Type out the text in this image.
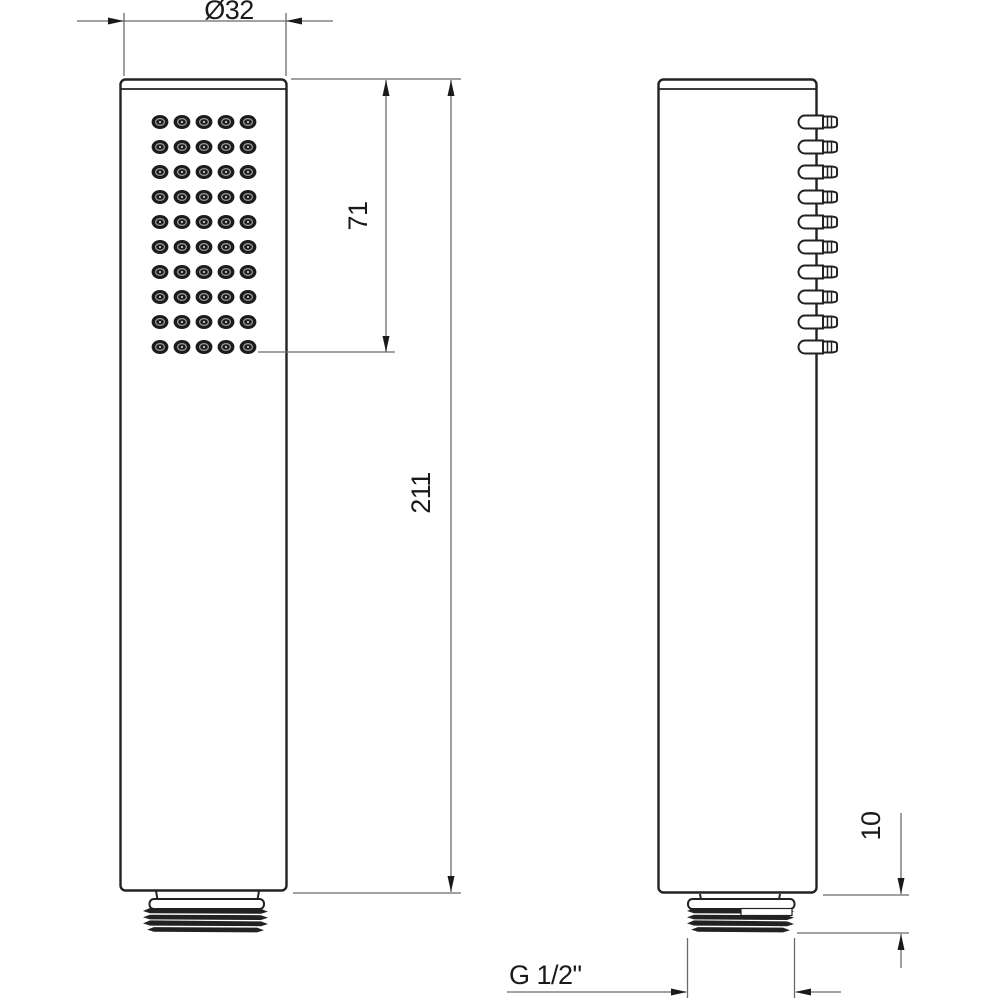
Ø32
71
211
10
G 1/2"
